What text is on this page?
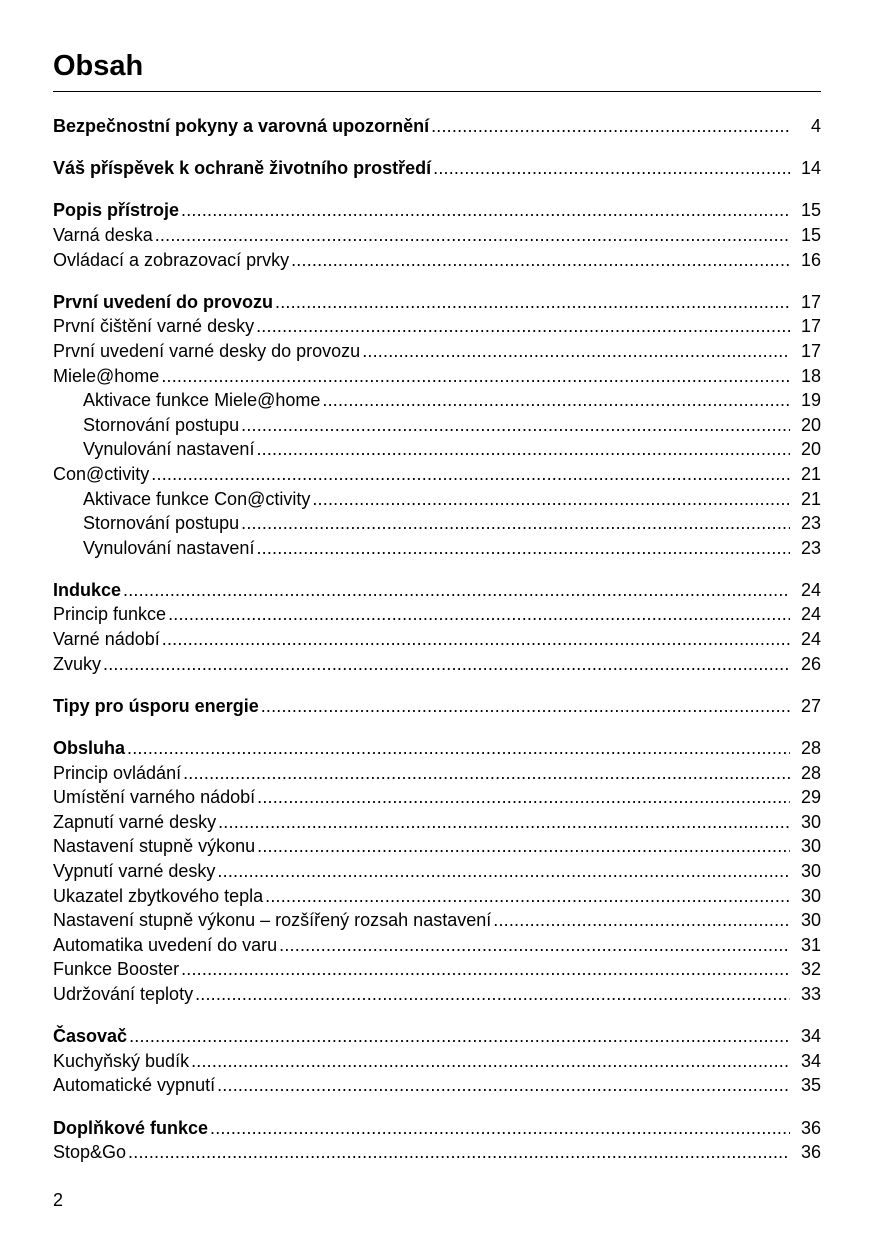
Obsah
Bezpečnostní pokyny a varovná upozornění .....	4
Váš příspěvek k ochraně životního prostředí .....	14
Popis přístroje .....	15
Varná deska .....	15
Ovládací a zobrazovací prvky .....	16
První uvedení do provozu .....	17
První čištění varné desky .....	17
První uvedení varné desky do provozu .....	17
Miele@home .....	18
Aktivace funkce Miele@home .....	19
Stornování postupu .....	20
Vynulování nastavení .....	20
Con@ctivity .....	21
Aktivace funkce Con@ctivity .....	21
Stornování postupu .....	23
Vynulování nastavení .....	23
Indukce .....	24
Princip funkce .....	24
Varné nádobí .....	24
Zvuky .....	26
Tipy pro úsporu energie .....	27
Obsluha .....	28
Princip ovládání .....	28
Umístění varného nádobí .....	29
Zapnutí varné desky .....	30
Nastavení stupně výkonu .....	30
Vypnutí varné desky .....	30
Ukazatel zbytkového tepla .....	30
Nastavení stupně výkonu – rozšířený rozsah nastavení .....	30
Automatika uvedení do varu .....	31
Funkce Booster .....	32
Udržování teploty .....	33
Časovač .....	34
Kuchyňský budík .....	34
Automatické vypnutí .....	35
Doplňkové funkce .....	36
Stop&Go .....	36
2
